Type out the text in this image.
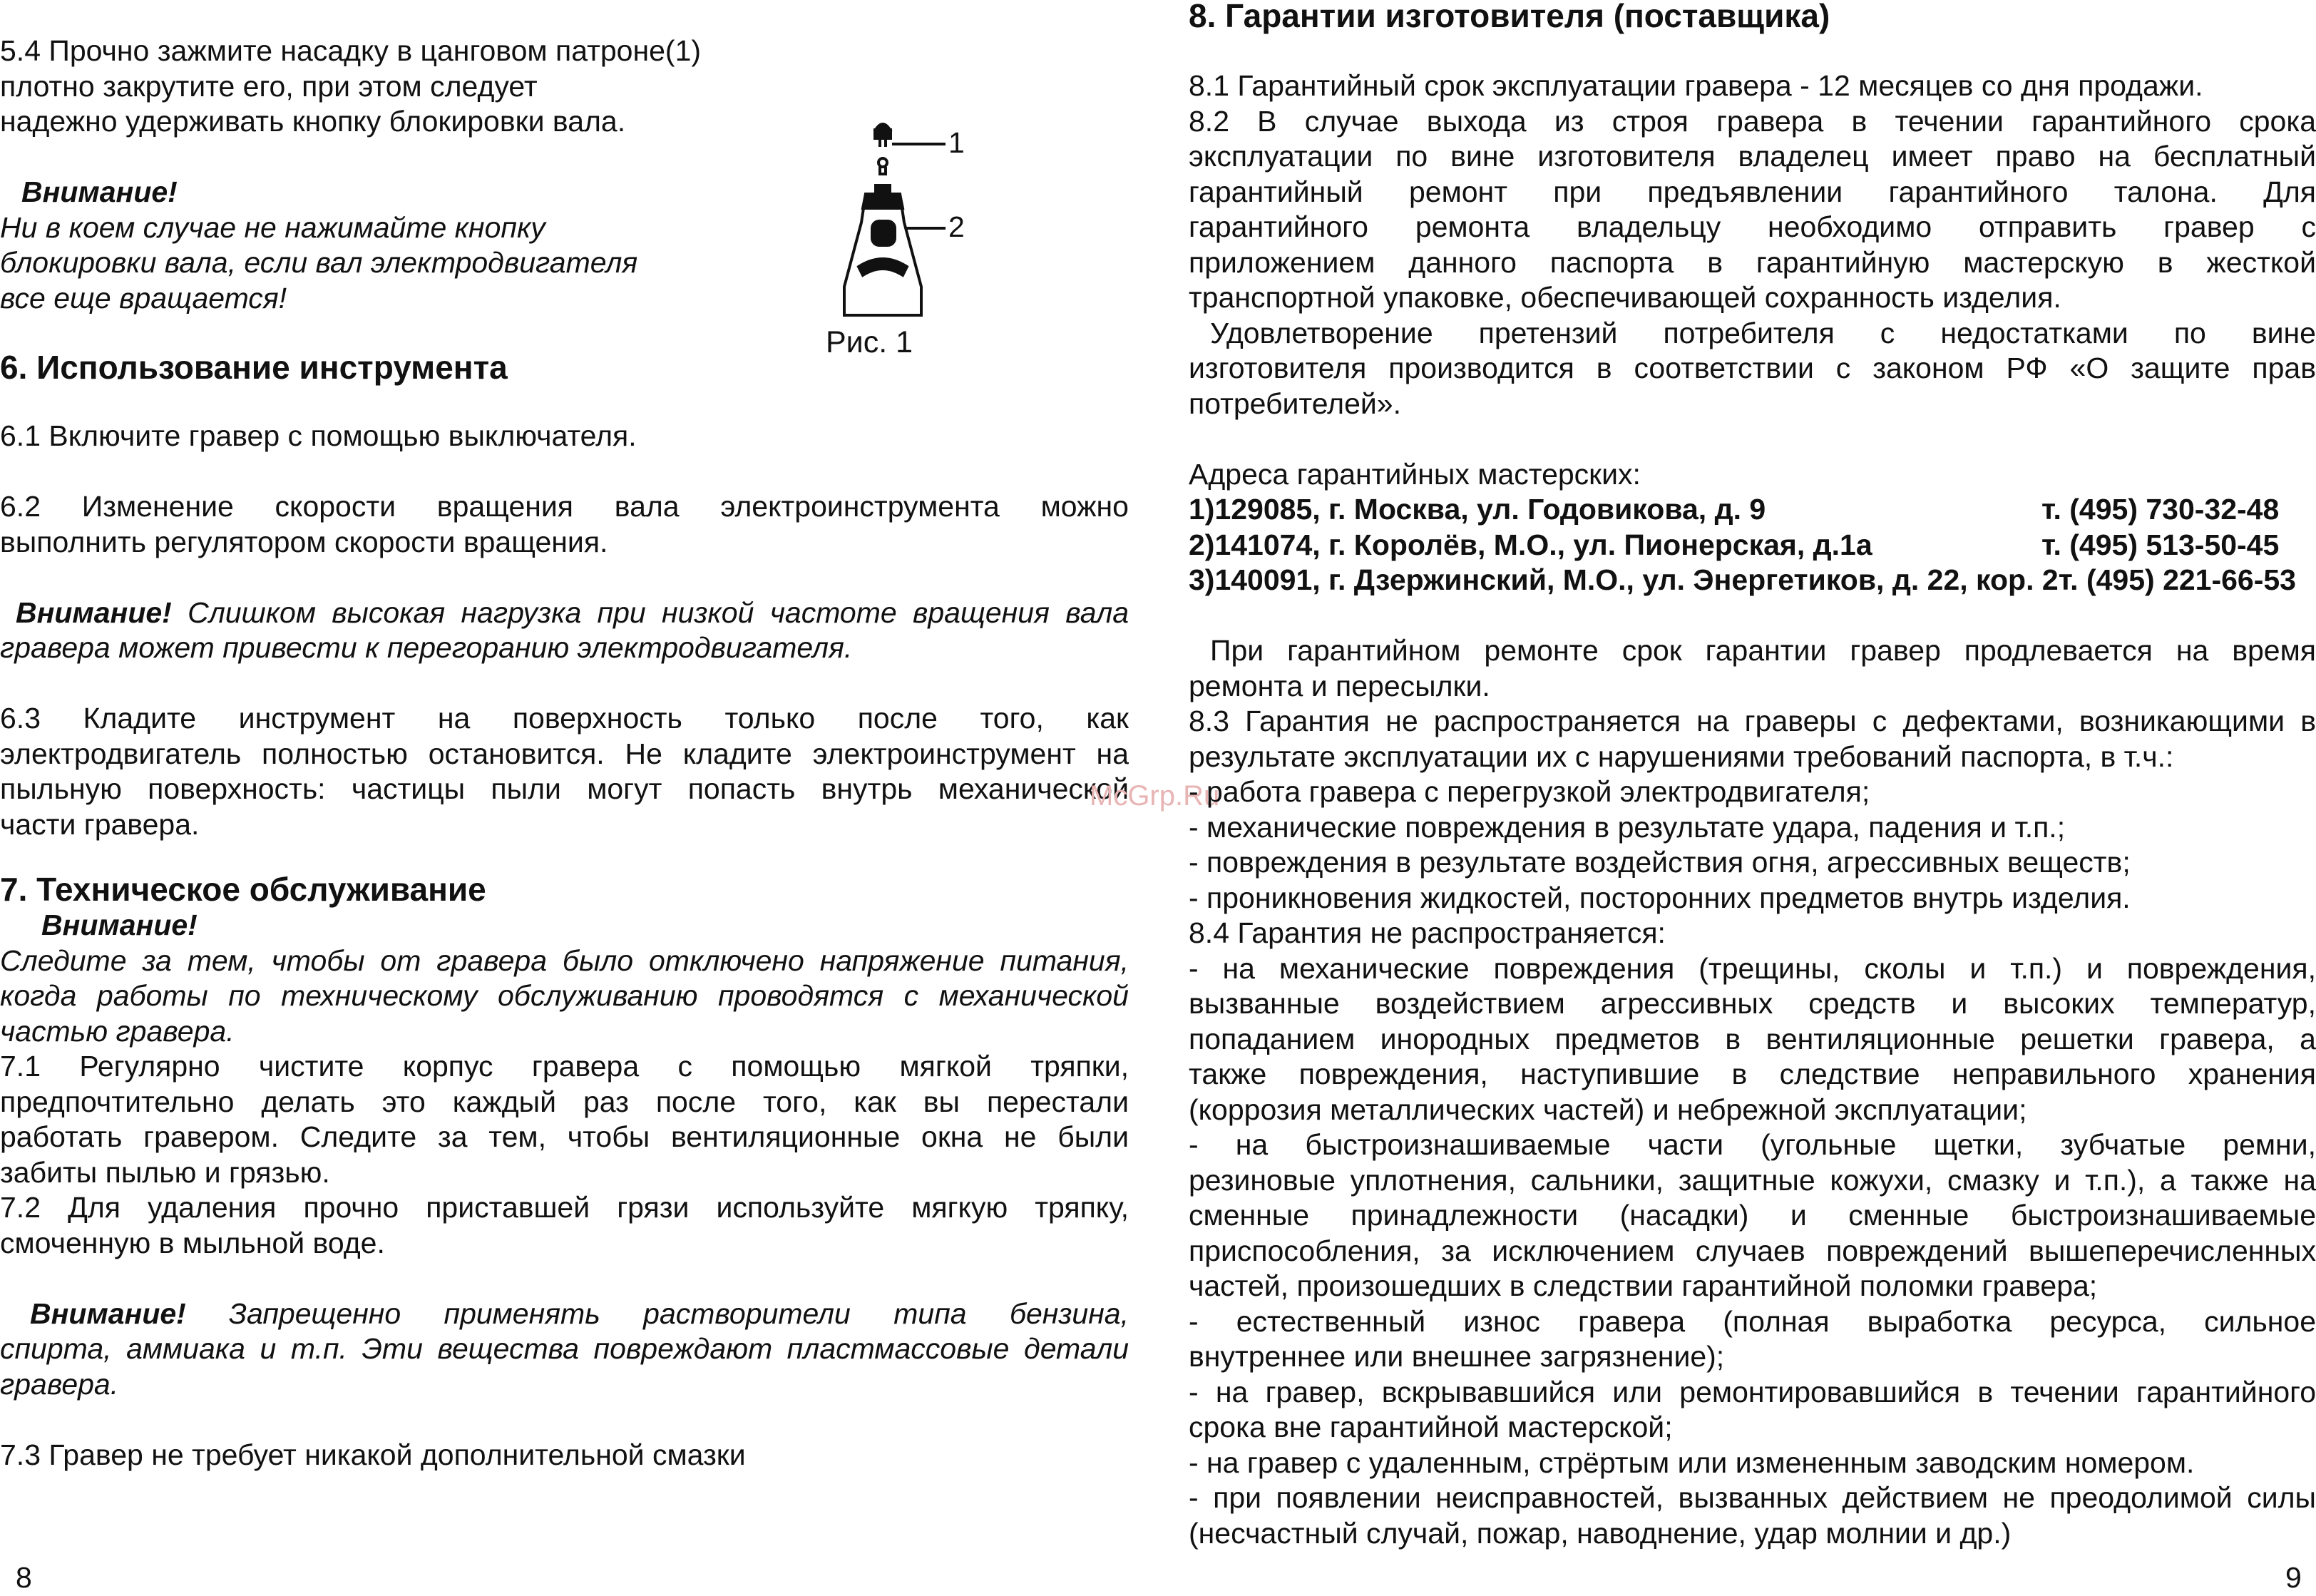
5.4 Прочно зажмите насадку в цанговом патроне(1)
плотно закрутите его, при этом следует
надежно удерживать кнопку блокировки вала.

Внимание!
Ни в коем случае не нажимайте кнопку
блокировки вала, если вал электродвигателя
все еще вращается!

6. Использование инструмента

6.1 Включите гравер с помощью выключателя.

6.2 Изменение скорости вращения вала электроинструмента можно
выполнить регулятором скорости вращения.

Внимание! Слишком высокая нагрузка при низкой частоте вращения вала
гравера может привести к перегоранию электродвигателя.

6.3 Кладите инструмент на поверхность только после того, как
электродвигатель полностью остановится. Не кладите электроинструмент на
пыльную поверхность: частицы пыли могут попасть внутрь механической
части гравера.

7. Техническое обслуживание

Внимание!

Следите за тем, чтобы от гравера было отключено напряжение питания,
когда работы по техническому обслуживанию проводятся с механической
частью гравера.

7.1 Регулярно чистите корпус гравера с помощью мягкой тряпки,
предпочтительно делать это каждый раз после того, как вы перестали
работать гравером. Следите за тем, чтобы вентиляционные окна не были
забиты пылью и грязью.

7.2 Для удаления прочно приставшей грязи используйте мягкую тряпку,
смоченную в мыльной воде.

Внимание! Запрещенно применять растворители типа бензина,
спирта, аммиака и т.п. Эти вещества повреждают пластмассовые детали
гравера.

7.3 Гравер не требует никакой дополнительной смазки

1
2
Рис. 1
McGrp.Ru
8	9
8. Гарантии изготовителя (поставщика)

8.1 Гарантийный срок эксплуатации гравера - 12 месяцев со дня продажи.

8.2 В случае выхода из строя гравера в течении гарантийного срока
эксплуатации по вине изготовителя владелец имеет право на бесплатный
гарантийный ремонт при предъявлении гарантийного талона. Для
гарантийного ремонта владельцу необходимо отправить гравер с
приложением данного паспорта в гарантийную мастерскую в жесткой
транспортной упаковке, обеспечивающей сохранность изделия.

Удовлетворение претензий потребителя с недостатками по вине
изготовителя производится в соответствии с законом РФ «О защите прав
потребителей».

Адреса гарантийных мастерских:

1)129085, г. Москва, ул. Годовикова, д. 9	т. (495) 730-32-48
2)141074, г. Королёв, М.О., ул. Пионерская, д.1а	т. (495) 513-50-45
3)140091, г. Дзержинский, М.О., ул. Энергетиков, д. 22, кор. 2 т. (495) 221-66-53

При гарантийном ремонте срок гарантии гравер продлевается на время
ремонта и пересылки.

8.3 Гарантия не распространяется на граверы с дефектами, возникающими в
результате эксплуатации их с нарушениями требований паспорта, в т.ч.:
- работа гравера с перегрузкой электродвигателя;
- механические повреждения в результате удара, падения и т.п.;
- повреждения в результате воздействия огня, агрессивных веществ;
- проникновения жидкостей, посторонних предметов внутрь изделия.

8.4 Гарантия не распространяется:

- на механические повреждения (трещины, сколы и т.п.) и повреждения,
вызванные воздействием агрессивных средств и высоких температур,
попаданием инородных предметов в вентиляционные решетки гравера, а
также повреждения, наступившие в следствие неправильного хранения
(коррозия металлических частей) и небрежной эксплуатации;

- на быстроизнашиваемые части (угольные щетки, зубчатые ремни,
резиновые уплотнения, сальники, защитные кожухи, смазку и т.п.), а также на
сменные принадлежности (насадки) и сменные быстроизнашиваемые
приспособления, за исключением случаев повреждений вышеперечисленных
частей, произошедших в следствии гарантийной поломки гравера;

- естественный износ гравера (полная выработка ресурса, сильное
внутреннее или внешнее загрязнение);

- на гравер, вскрывавшийся или ремонтировавшийся в течении гарантийного
срока вне гарантийной мастерской;

- на гравер с удаленным, стрёртым или измененным заводским номером.

- при появлении неисправностей, вызванных действием не преодолимой силы
(несчастный случай, пожар, наводнение, удар молнии и др.)
